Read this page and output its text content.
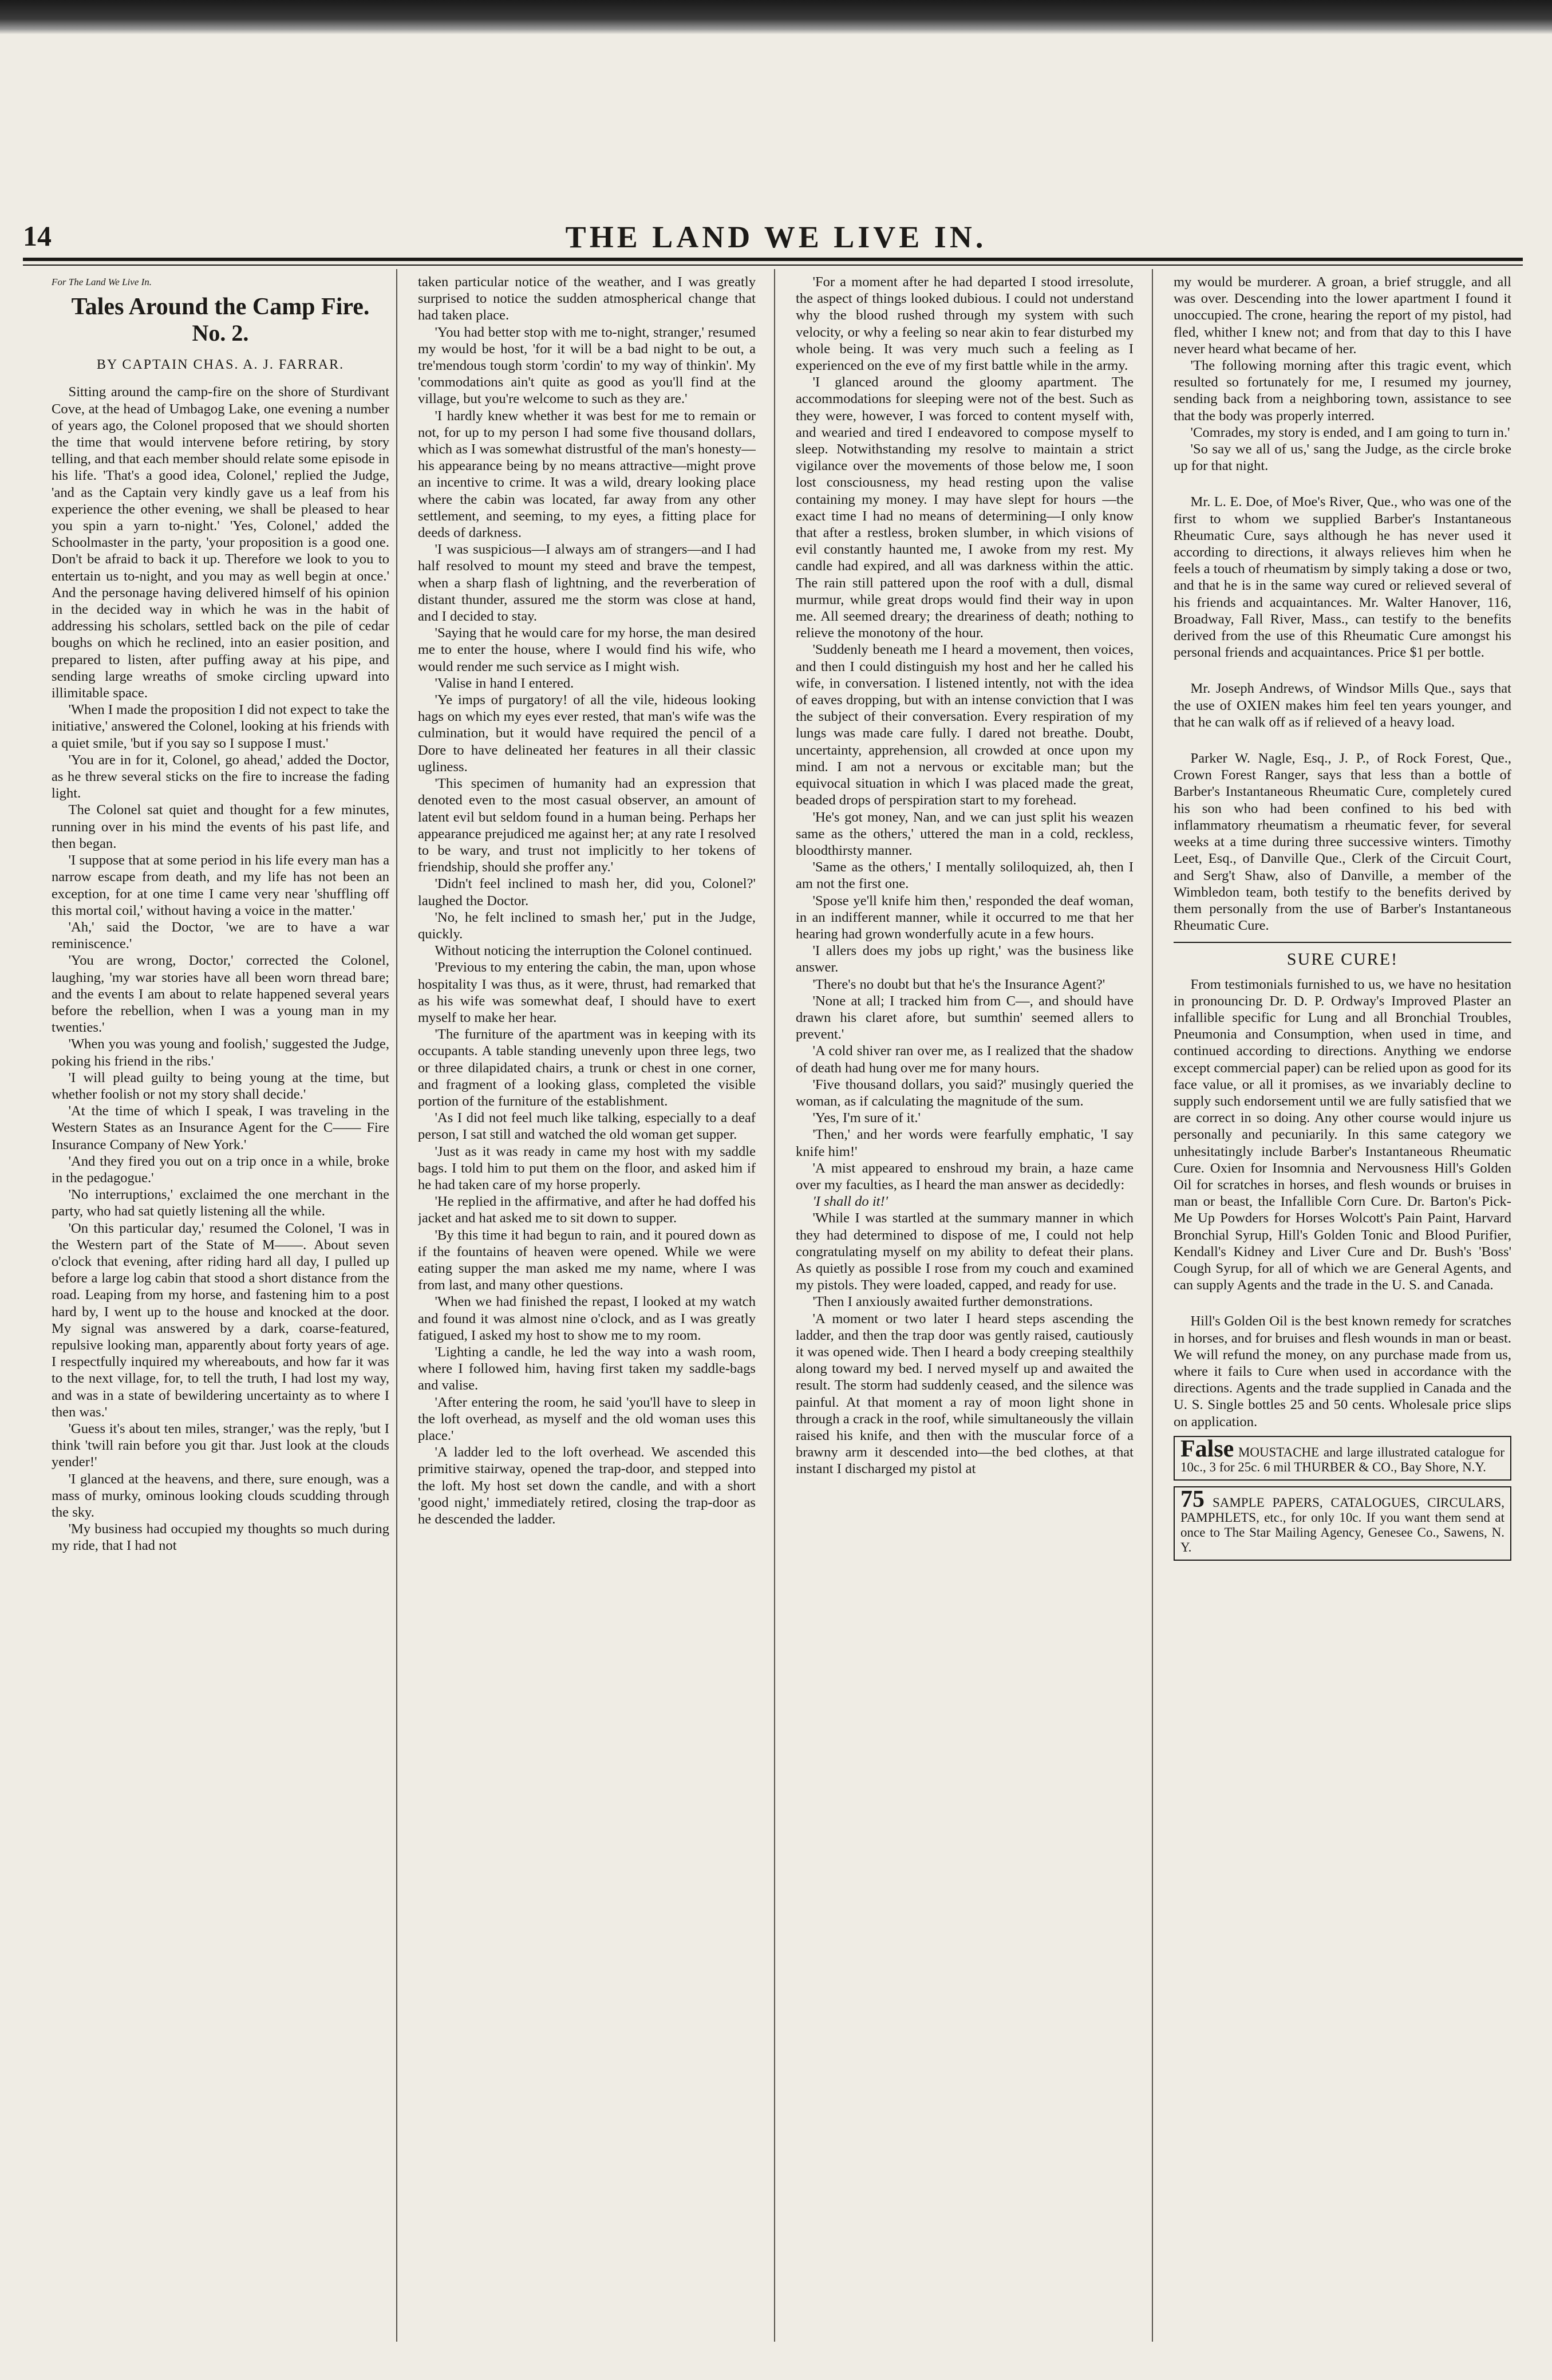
14	THE LAND WE LIVE IN.

For The Land We Live In.

Tales Around the Camp Fire.

No. 2.

BY CAPTAIN CHAS. A. J. FARRAR.

Sitting around the camp-fire on the shore of Sturdivant Cove, at the head of Umbagog Lake, one evening a number of years ago, the Colonel proposed that we should shorten the time that would intervene before retiring, by story telling, and that each member should relate some episode in his life. 'That's a good idea, Colonel,' replied the Judge, 'and as the Captain very kindly gave us a leaf from his experience the other evening, we shall be pleased to hear you spin a yarn to-night.' 'Yes, Colonel,' added the Schoolmaster in the party, 'your proposition is a good one. Don't be afraid to back it up. Therefore we look to you to entertain us to-night, and you may as well begin at once.' And the personage having delivered himself of his opinion in the decided way in which he was in the habit of addressing his scholars, settled back on the pile of cedar boughs on which he reclined, into an easier position, and prepared to listen, after puffing away at his pipe, and sending large wreaths of smoke circling upward into illimitable space.

'When I made the proposition I did not expect to take the initiative,' answered the Colonel, looking at his friends with a quiet smile, 'but if you say so I suppose I must.'

'You are in for it, Colonel, go ahead,' added the Doctor, as he threw several sticks on the fire to increase the fading light.

The Colonel sat quiet and thought for a few minutes, running over in his mind the events of his past life, and then began.

'I suppose that at some period in his life every man has a narrow escape from death, and my life has not been an exception, for at one time I came very near 'shuffling off this mortal coil,' without having a voice in the matter.'

'Ah,' said the Doctor, 'we are to have a war reminiscence.'

'You are wrong, Doctor,' corrected the Colonel, laughing, 'my war stories have all been worn thread bare; and the events I am about to relate happened several years before the rebellion, when I was a young man in my twenties.'

'When you was young and foolish,' suggested the Judge, poking his friend in the ribs.'

'I will plead guilty to being young at the time, but whether foolish or not my story shall decide.'

'At the time of which I speak, I was traveling in the Western States as an Insurance Agent for the C—— Fire Insurance Company of New York.'

'And they fired you out on a trip once in a while, broke in the pedagogue.'

'No interruptions,' exclaimed the one merchant in the party, who had sat quietly listening all the while.

'On this particular day,' resumed the Colonel, 'I was in the Western part of the State of M——. About seven o'clock that evening, after riding hard all day, I pulled up before a large log cabin that stood a short distance from the road. Leaping from my horse, and fastening him to a post hard by, I went up to the house and knocked at the door. My signal was answered by a dark, coarse-featured, repulsive looking man, apparently about forty years of age. I respectfully inquired my whereabouts, and how far it was to the next village, for, to tell the truth, I had lost my way, and was in a state of bewildering uncertainty as to where I then was.'

'Guess it's about ten miles, stranger,' was the reply, 'but I think 'twill rain before you git thar. Just look at the clouds yender!'

'I glanced at the heavens, and there, sure enough, was a mass of murky, ominous looking clouds scudding through the sky.

'My business had occupied my thoughts so much during my ride, that I had not

taken particular notice of the weather, and I was greatly surprised to notice the sudden atmospherical change that had taken place.

'You had better stop with me to-night, stranger,' resumed my would be host, 'for it will be a bad night to be out, a tre'mendous tough storm 'cordin' to my way of thinkin'. My 'commodations ain't quite as good as you'll find at the village, but you're welcome to such as they are.'

'I hardly knew whether it was best for me to remain or not, for up to my person I had some five thousand dollars, which as I was somewhat distrustful of the man's honesty—his appearance being by no means attractive—might prove an incentive to crime. It was a wild, dreary looking place where the cabin was located, far away from any other settlement, and seeming, to my eyes, a fitting place for deeds of darkness.

'I was suspicious—I always am of strangers—and I had half resolved to mount my steed and brave the tempest, when a sharp flash of lightning, and the reverberation of distant thunder, assured me the storm was close at hand, and I decided to stay.

'Saying that he would care for my horse, the man desired me to enter the house, where I would find his wife, who would render me such service as I might wish.

'Valise in hand I entered.

'Ye imps of purgatory! of all the vile, hideous looking hags on which my eyes ever rested, that man's wife was the culmination, but it would have required the pencil of a Dore to have delineated her features in all their classic ugliness.

'This specimen of humanity had an expression that denoted even to the most casual observer, an amount of latent evil but seldom found in a human being. Perhaps her appearance prejudiced me against her; at any rate I resolved to be wary, and trust not implicitly to her tokens of friendship, should she proffer any.'

'Didn't feel inclined to mash her, did you, Colonel?' laughed the Doctor.

'No, he felt inclined to smash her,' put in the Judge, quickly.

Without noticing the interruption the Colonel continued.

'Previous to my entering the cabin, the man, upon whose hospitality I was thus, as it were, thrust, had remarked that as his wife was somewhat deaf, I should have to exert myself to make her hear.

'The furniture of the apartment was in keeping with its occupants. A table standing unevenly upon three legs, two or three dilapidated chairs, a trunk or chest in one corner, and fragment of a looking glass, completed the visible portion of the furniture of the establishment.

'As I did not feel much like talking, especially to a deaf person, I sat still and watched the old woman get supper.

'Just as it was ready in came my host with my saddle bags. I told him to put them on the floor, and asked him if he had taken care of my horse properly.

'He replied in the affirmative, and after he had doffed his jacket and hat asked me to sit down to supper.

'By this time it had begun to rain, and it poured down as if the fountains of heaven were opened. While we were eating supper the man asked me my name, where I was from last, and many other questions.

'When we had finished the repast, I looked at my watch and found it was almost nine o'clock, and as I was greatly fatigued, I asked my host to show me to my room.

'Lighting a candle, he led the way into a wash room, where I followed him, having first taken my saddle-bags and valise.

'After entering the room, he said 'you'll have to sleep in the loft overhead, as myself and the old woman uses this place.'

'A ladder led to the loft overhead. We ascended this primitive stairway, opened the trap-door, and stepped into the loft. My host set down the candle, and with a short 'good night,' immediately retired, closing the trap-door as he descended the ladder.

'For a moment after he had departed I stood irresolute, the aspect of things looked dubious. I could not understand why the blood rushed through my system with such velocity, or why a feeling so near akin to fear disturbed my whole being. It was very much such a feeling as I experienced on the eve of my first battle while in the army.

'I glanced around the gloomy apartment. The accommodations for sleeping were not of the best. Such as they were, however, I was forced to content myself with, and wearied and tired I endeavored to compose myself to sleep. Notwithstanding my resolve to maintain a strict vigilance over the movements of those below me, I soon lost consciousness, my head resting upon the valise containing my money. I may have slept for hours —the exact time I had no means of determining—I only know that after a restless, broken slumber, in which visions of evil constantly haunted me, I awoke from my rest. My candle had expired, and all was darkness within the attic. The rain still pattered upon the roof with a dull, dismal murmur, while great drops would find their way in upon me. All seemed dreary; the dreariness of death; nothing to relieve the monotony of the hour.

'Suddenly beneath me I heard a movement, then voices, and then I could distinguish my host and her he called his wife, in conversation. I listened intently, not with the idea of eaves dropping, but with an intense conviction that I was the subject of their conversation. Every respiration of my lungs was made care fully. I dared not breathe. Doubt, uncertainty, apprehension, all crowded at once upon my mind. I am not a nervous or excitable man; but the equivocal situation in which I was placed made the great, beaded drops of perspiration start to my forehead.

'He's got money, Nan, and we can just split his weazen same as the others,' uttered the man in a cold, reckless, bloodthirsty manner.

'Same as the others,' I mentally soliloquized, ah, then I am not the first one.

'Spose ye'll knife him then,' responded the deaf woman, in an indifferent manner, while it occurred to me that her hearing had grown wonderfully acute in a few hours.

'I allers does my jobs up right,' was the business like answer.

'There's no doubt but that he's the Insurance Agent?'

'None at all; I tracked him from C—, and should have drawn his claret afore, but sumthin' seemed allers to prevent.'

'A cold shiver ran over me, as I realized that the shadow of death had hung over me for many hours.

'Five thousand dollars, you said?' musingly queried the woman, as if calculating the magnitude of the sum.

'Yes, I'm sure of it.'

'Then,' and her words were fearfully emphatic, 'I say knife him!'

'A mist appeared to enshroud my brain, a haze came over my faculties, as I heard the man answer as decidedly:

'I shall do it!'

'While I was startled at the summary manner in which they had determined to dispose of me, I could not help congratulating myself on my ability to defeat their plans. As quietly as possible I rose from my couch and examined my pistols. They were loaded, capped, and ready for use.

'Then I anxiously awaited further demonstrations.

'A moment or two later I heard steps ascending the ladder, and then the trap door was gently raised, cautiously it was opened wide. Then I heard a body creeping stealthily along toward my bed. I nerved myself up and awaited the result. The storm had suddenly ceased, and the silence was painful. At that moment a ray of moon light shone in through a crack in the roof, while simultaneously the villain raised his knife, and then with the muscular force of a brawny arm it descended into—the bed clothes, at that instant I discharged my pistol at

my would be murderer. A groan, a brief struggle, and all was over. Descending into the lower apartment I found it unoccupied. The crone, hearing the report of my pistol, had fled, whither I knew not; and from that day to this I have never heard what became of her.

'The following morning after this tragic event, which resulted so fortunately for me, I resumed my journey, sending back from a neighboring town, assistance to see that the body was properly interred.

'Comrades, my story is ended, and I am going to turn in.'

'So say we all of us,' sang the Judge, as the circle broke up for that night.

Mr. L. E. Doe, of Moe's River, Que., who was one of the first to whom we supplied Barber's Instantaneous Rheumatic Cure, says although he has never used it according to directions, it always relieves him when he feels a touch of rheumatism by simply taking a dose or two, and that he is in the same way cured or relieved several of his friends and acquaintances. Mr. Walter Hanover, 116, Broadway, Fall River, Mass., can testify to the benefits derived from the use of this Rheumatic Cure amongst his personal friends and acquaintances. Price $1 per bottle.

Mr. Joseph Andrews, of Windsor Mills Que., says that the use of OXIEN makes him feel ten years younger, and that he can walk off as if relieved of a heavy load.

Parker W. Nagle, Esq., J. P., of Rock Forest, Que., Crown Forest Ranger, says that less than a bottle of Barber's Instantaneous Rheumatic Cure, completely cured his son who had been confined to his bed with inflammatory rheumatism a rheumatic fever, for several weeks at a time during three successive winters. Timothy Leet, Esq., of Danville Que., Clerk of the Circuit Court, and Serg't Shaw, also of Danville, a member of the Wimbledon team, both testify to the benefits derived by them personally from the use of Barber's Instantaneous Rheumatic Cure.

SURE CURE!

From testimonials furnished to us, we have no hesitation in pronouncing Dr. D. P. Ordway's Improved Plaster an infallible specific for Lung and all Bronchial Troubles, Pneumonia and Consumption, when used in time, and continued according to directions. Anything we endorse except commercial paper) can be relied upon as good for its face value, or all it promises, as we invariably decline to supply such endorsement until we are fully satisfied that we are correct in so doing. Any other course would injure us personally and pecuniarily. In this same category we unhesitatingly include Barber's Instantaneous Rheumatic Cure. Oxien for Insomnia and Nervousness Hill's Golden Oil for scratches in horses, and flesh wounds or bruises in man or beast, the Infallible Corn Cure. Dr. Barton's Pick-Me Up Powders for Horses Wolcott's Pain Paint, Harvard Bronchial Syrup, Hill's Golden Tonic and Blood Purifier, Kendall's Kidney and Liver Cure and Dr. Bush's 'Boss' Cough Syrup, for all of which we are General Agents, and can supply Agents and the trade in the U. S. and Canada.

Hill's Golden Oil is the best known remedy for scratches in horses, and for bruises and flesh wounds in man or beast. We will refund the money, on any purchase made from us, where it fails to Cure when used in accordance with the directions. Agents and the trade supplied in Canada and the U. S. Single bottles 25 and 50 cents. Wholesale price slips on application.

False MOUSTACHE and large illustrated catalogue for 10c., 3 for 25c. 6 mil THURBER & CO., Bay Shore, N.Y.
75 SAMPLE PAPERS, CATALOGUES, CIRCULARS, PAMPHLETS, etc., for only 10c. If you want them send at once to The Star Mailing Agency, Genesee Co., Sawens, N. Y.
